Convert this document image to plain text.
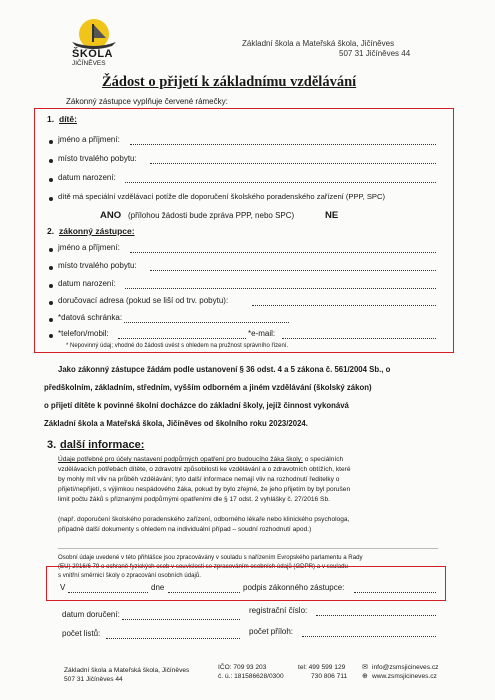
ŠKOLA
JIČÍNĚVES
Základní škola a Mateřská škola, Jičíněves
507 31 Jičíněves 44
Žádost o přijetí k základnímu vzdělávání
Zákonný zástupce vyplňuje červené rámečky:
1. dítě:
jméno a příjmení:
místo trvalého pobytu:
datum narození:
dítě má speciální vzdělávací potíže dle doporučení školského poradenského zařízení (PPP, SPC)
ANO (přílohou žádosti bude zpráva PPP, nebo SPC)	NE
2. zákonný zástupce:
jméno a příjmení:
místo trvalého pobytu:
datum narození:
doručovací adresa (pokud se liší od trv. pobytu):
*datová schránka:
*telefon/mobil:	*e-mail:
* Nepovinný údaj; vhodné do žádosti uvést s ohledem na pružnost správního řízení.
Jako zákonný zástupce žádám podle ustanovení § 36 odst. 4 a 5 zákona č. 561/2004 Sb., o
předškolním, základním, středním, vyšším odborném a jiném vzdělávání (školský zákon)
o přijetí dítěte k povinné školní docházce do základní školy, jejíž činnost vykonává
Základní škola a Mateřská škola, Jičíněves od školního roku 2023/2024.
3. další informace:
Údaje potřebné pro účely nastavení podpůrných opatření pro budoucího žáka školy: o speciálních
vzdělávacích potřebách dítěte, o zdravotní způsobilosti ke vzdělávání a o zdravotních obtížích, které
by mohly mít vliv na průběh vzdělávání; tyto další informace nemají vliv na rozhodnutí ředitelky o
přijetí/nepřijetí, s výjimkou nespádového žáka, pokud by bylo zřejmé, že jeho přijetím by byl porušen
limit počtu žáků s přiznanými podpůrnými opatřeními dle § 17 odst. 2 vyhlášky č. 27/2016 Sb.
(např. doporučení školského poradenského zařízení, odborného lékaře nebo klinického psychologa,
případně další dokumenty s ohledem na individuální případ – soudní rozhodnutí apod.)
Osobní údaje uvedené v této přihlášce jsou zpracovávány v souladu s nařízením Evropského parlamentu a Rady
(EU) 2016/6 79 o ochraně fyzických osob v souvislosti se zpracováním osobních údajů (GDPR) a v souladu
s vnitřní směrnicí školy o zpracování osobních údajů.
V	dne	podpis zákonného zástupce:
datum doručení:	registrační číslo:
počet listů:	počet příloh:
Základní škola a Mateřská škola, Jičíněves
507 31 Jičíněves 44
IČO: 709 93 203
č. ú.: 181586628/0300
tel: 499 599 129
730 806 711
✉ info@zsmsjicineves.cz
⊕ www.zsmsjicineves.cz
